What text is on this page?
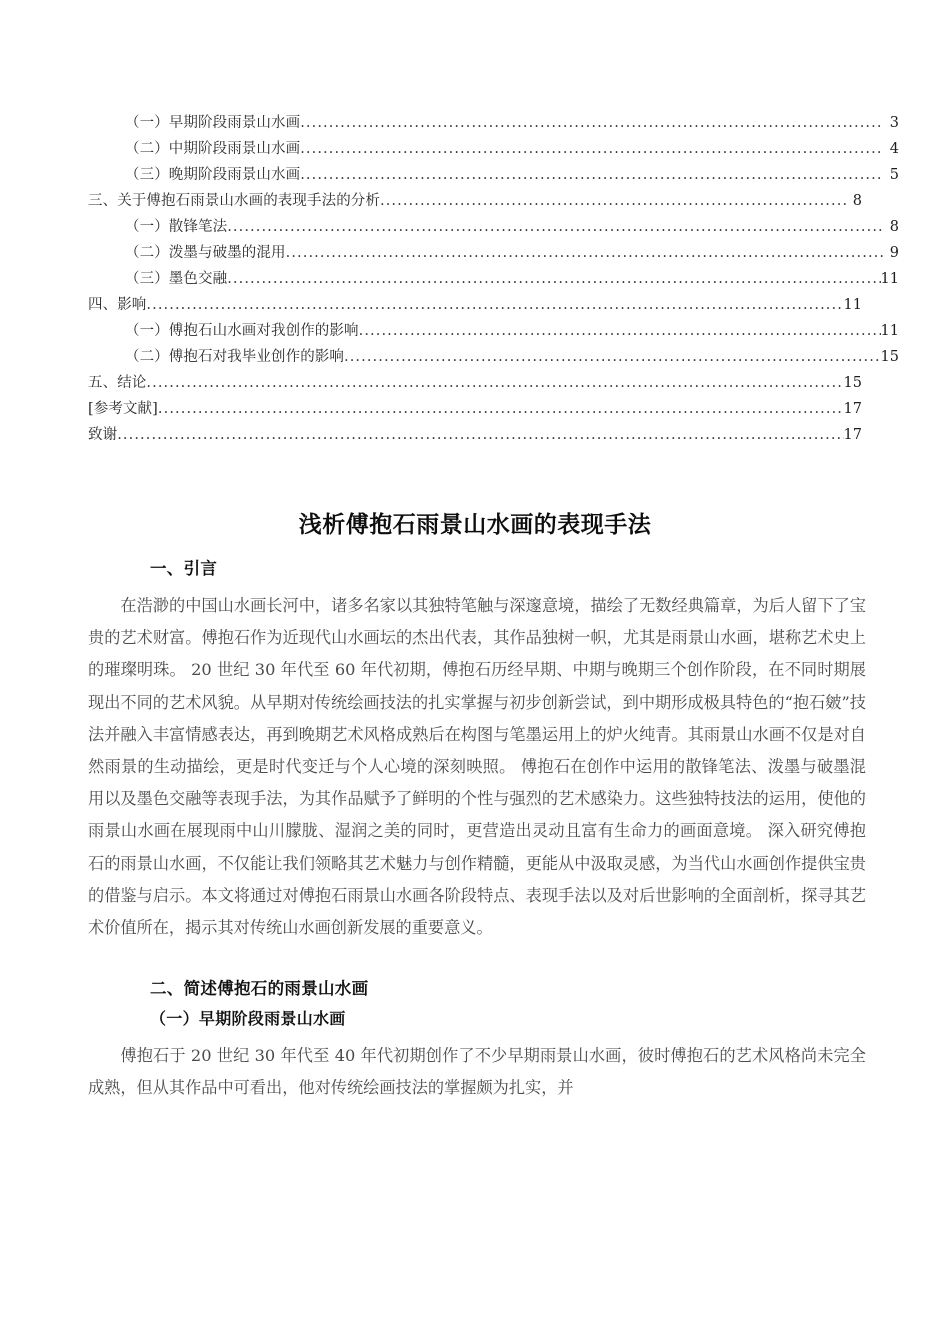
（一）早期阶段雨景山水画 .....	3
（二）中期阶段雨景山水画 .....	4
（三）晚期阶段雨景山水画 .....	5
三、关于傅抱石雨景山水画的表现手法的分析 .....	8
（一）散锋笔法 .....	8
（二）泼墨与破墨的混用 .....	9
（三）墨色交融 .....	11
四、影响 .....	11
（一）傅抱石山水画对我创作的影响 .....	11
（二）傅抱石对我毕业创作的影响 .....	15
五、结论 .....	15
[参考文献] .....	17
致谢 .....	17
浅析傅抱石雨景山水画的表现手法
一、引言

在浩渺的中国山水画长河中，诸多名家以其独特笔触与深邃意境，描绘了无数经典篇章，为后人留下了宝贵的艺术财富。傅抱石作为近现代山水画坛的杰出代表，其作品独树一帜，尤其是雨景山水画，堪称艺术史上的璀璨明珠。 20 世纪 30 年代至 60 年代初期，傅抱石历经早期、中期与晚期三个创作阶段，在不同时期展现出不同的艺术风貌。从早期对传统绘画技法的扎实掌握与初步创新尝试，到中期形成极具特色的“抱石皴”技法并融入丰富情感表达，再到晚期艺术风格成熟后在构图与笔墨运用上的炉火纯青。其雨景山水画不仅是对自然雨景的生动描绘，更是时代变迁与个人心境的深刻映照。 傅抱石在创作中运用的散锋笔法、泼墨与破墨混用以及墨色交融等表现手法，为其作品赋予了鲜明的个性与强烈的艺术感染力。这些独特技法的运用，使他的雨景山水画在展现雨中山川朦胧、湿润之美的同时，更营造出灵动且富有生命力的画面意境。 深入研究傅抱石的雨景山水画，不仅能让我们领略其艺术魅力与创作精髓，更能从中汲取灵感，为当代山水画创作提供宝贵的借鉴与启示。本文将通过对傅抱石雨景山水画各阶段特点、表现手法以及对后世影响的全面剖析，探寻其艺术价值所在，揭示其对传统山水画创新发展的重要意义。

二、简述傅抱石的雨景山水画
（一）早期阶段雨景山水画

傅抱石于 20 世纪 30 年代至 40 年代初期创作了不少早期雨景山水画，彼时傅抱石的艺术风格尚未完全成熟，但从其作品中可看出，他对传统绘画技法的掌握颇为扎实，并
